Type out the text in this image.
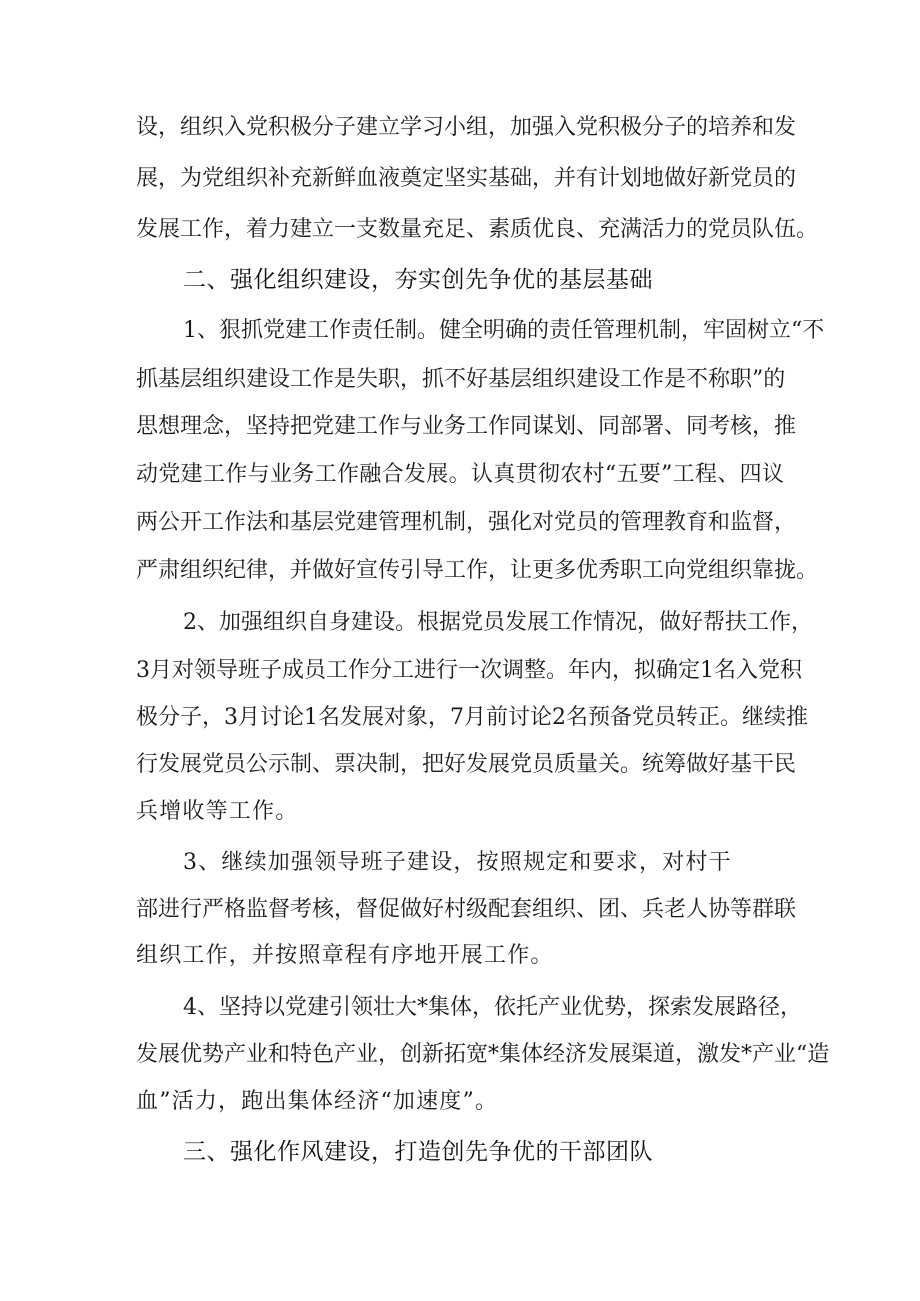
设，组织入党积极分子建立学习小组，加强入党积极分子的培养和发
展，为党组织补充新鲜血液奠定坚实基础，并有计划地做好新党员的
发展工作，着力建立一支数量充足、素质优良、充满活力的党员队伍。
二、强化组织建设，夯实创先争优的基层基础
1、狠抓党建工作责任制。健全明确的责任管理机制，牢固树立“不
抓基层组织建设工作是失职，抓不好基层组织建设工作是不称职”的
思想理念，坚持把党建工作与业务工作同谋划、同部署、同考核，推
动党建工作与业务工作融合发展。认真贯彻农村“五要”工程、四议
两公开工作法和基层党建管理机制，强化对党员的管理教育和监督，
严肃组织纪律，并做好宣传引导工作，让更多优秀职工向党组织靠拢。
2、加强组织自身建设。根据党员发展工作情况，做好帮扶工作，
3月对领导班子成员工作分工进行一次调整。年内，拟确定1名入党积
极分子，3月讨论1名发展对象，7月前讨论2名预备党员转正。继续推
行发展党员公示制、票决制，把好发展党员质量关。统筹做好基干民
兵增收等工作。
3、继续加强领导班子建设，按照规定和要求，对村干
部进行严格监督考核，督促做好村级配套组织、团、兵老人协等群联
组织工作，并按照章程有序地开展工作。
4、坚持以党建引领壮大*集体，依托产业优势，探索发展路径，
发展优势产业和特色产业，创新拓宽*集体经济发展渠道，激发*产业“造
血”活力，跑出集体经济“加速度”。
三、强化作风建设，打造创先争优的干部团队
